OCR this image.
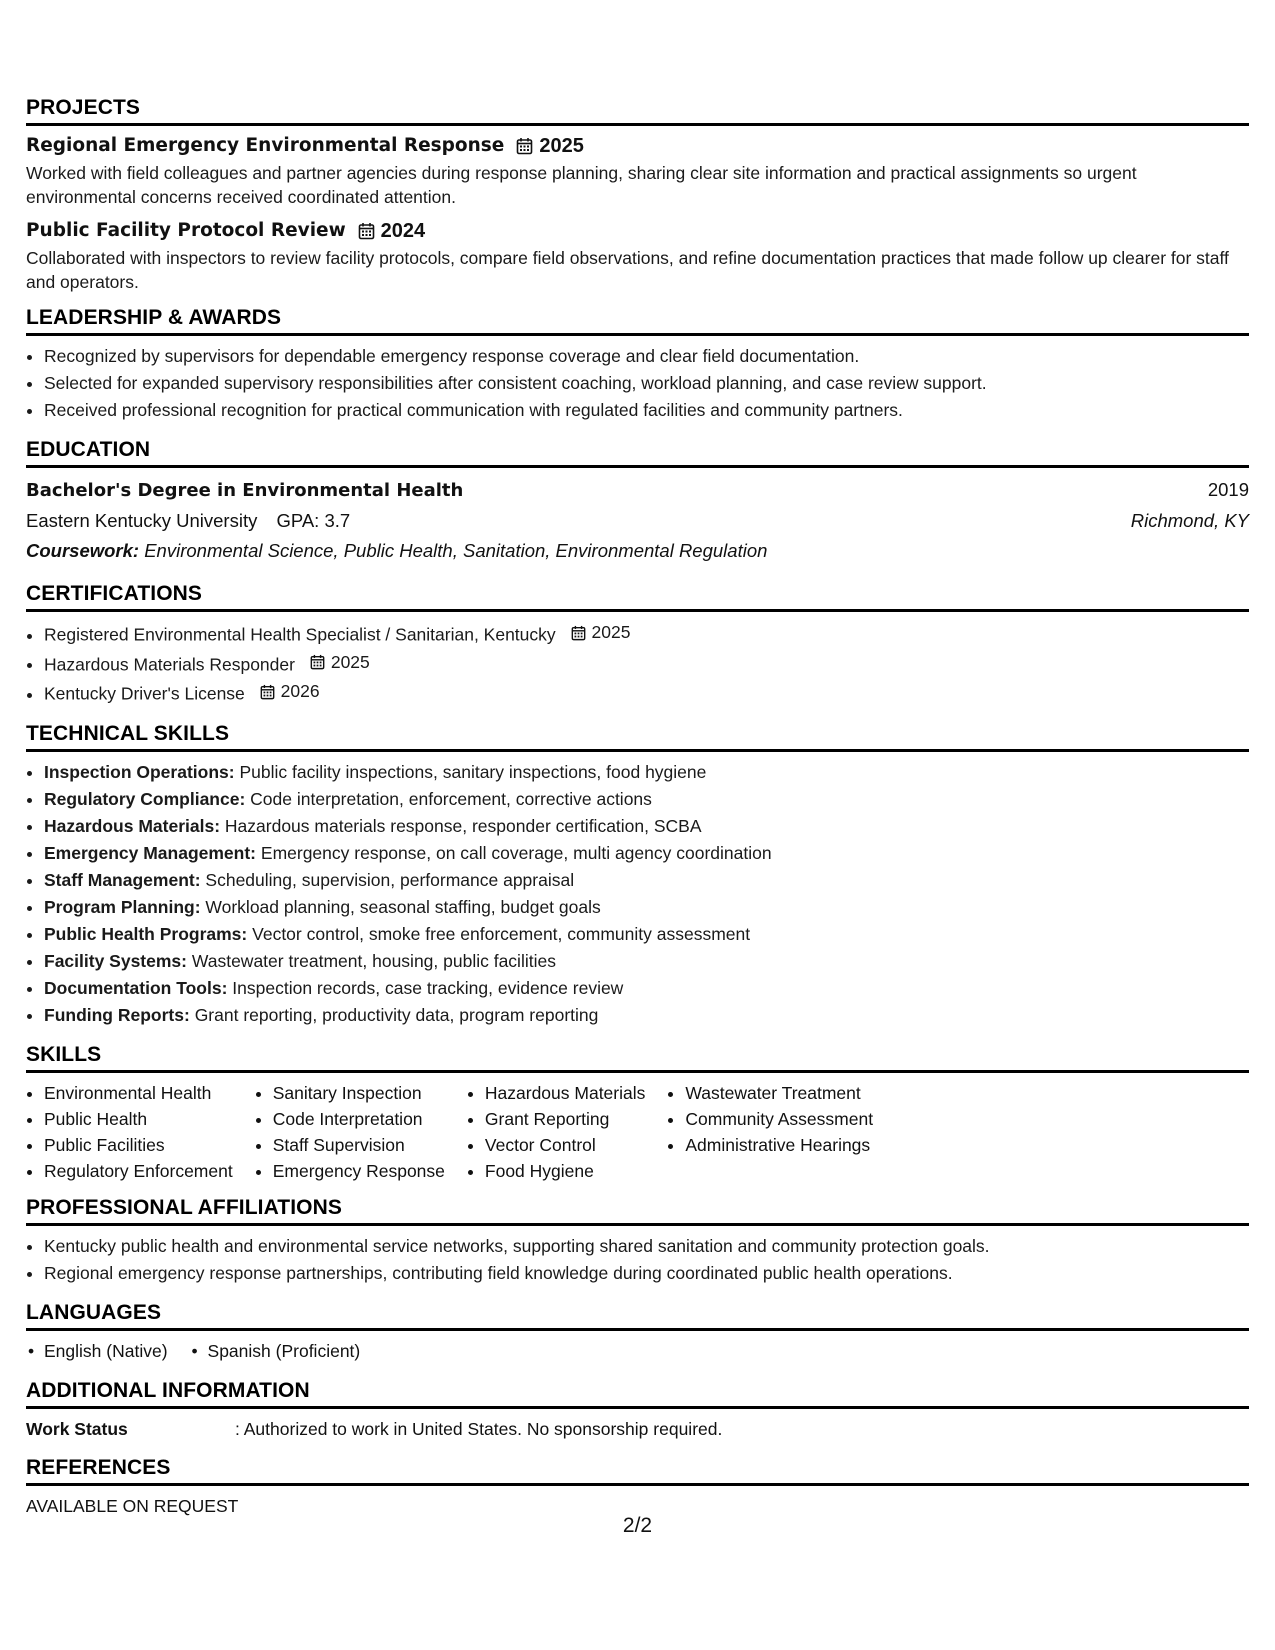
PROJECTS
Regional Emergency Environmental Response 2025
Worked with field colleagues and partner agencies during response planning, sharing clear site information and practical assignments so urgent environmental concerns received coordinated attention.
Public Facility Protocol Review 2024
Collaborated with inspectors to review facility protocols, compare field observations, and refine documentation practices that made follow up clearer for staff and operators.
LEADERSHIP & AWARDS
• Recognized by supervisors for dependable emergency response coverage and clear field documentation.
• Selected for expanded supervisory responsibilities after consistent coaching, workload planning, and case review support.
• Received professional recognition for practical communication with regulated facilities and community partners.
EDUCATION
Bachelor's Degree in Environmental Health	2019
Eastern Kentucky University GPA: 3.7	Richmond, KY
Coursework: Environmental Science, Public Health, Sanitation, Environmental Regulation
CERTIFICATIONS
• Registered Environmental Health Specialist / Sanitarian, Kentucky 2025
• Hazardous Materials Responder 2025
• Kentucky Driver's License 2026
TECHNICAL SKILLS
• Inspection Operations: Public facility inspections, sanitary inspections, food hygiene
• Regulatory Compliance: Code interpretation, enforcement, corrective actions
• Hazardous Materials: Hazardous materials response, responder certification, SCBA
• Emergency Management: Emergency response, on call coverage, multi agency coordination
• Staff Management: Scheduling, supervision, performance appraisal
• Program Planning: Workload planning, seasonal staffing, budget goals
• Public Health Programs: Vector control, smoke free enforcement, community assessment
• Facility Systems: Wastewater treatment, housing, public facilities
• Documentation Tools: Inspection records, case tracking, evidence review
• Funding Reports: Grant reporting, productivity data, program reporting
SKILLS
• Environmental Health
• Public Health
• Public Facilities
• Regulatory Enforcement
• Sanitary Inspection
• Code Interpretation
• Staff Supervision
• Emergency Response
• Hazardous Materials
• Grant Reporting
• Vector Control
• Food Hygiene
• Wastewater Treatment
• Community Assessment
• Administrative Hearings
PROFESSIONAL AFFILIATIONS
• Kentucky public health and environmental service networks, supporting shared sanitation and community protection goals.
• Regional emergency response partnerships, contributing field knowledge during coordinated public health operations.
LANGUAGES
• English (Native)
•	Spanish (Proficient)
ADDITIONAL INFORMATION
Work Status	: Authorized to work in United States. No sponsorship required.
REFERENCES
AVAILABLE ON REQUEST
2/2
